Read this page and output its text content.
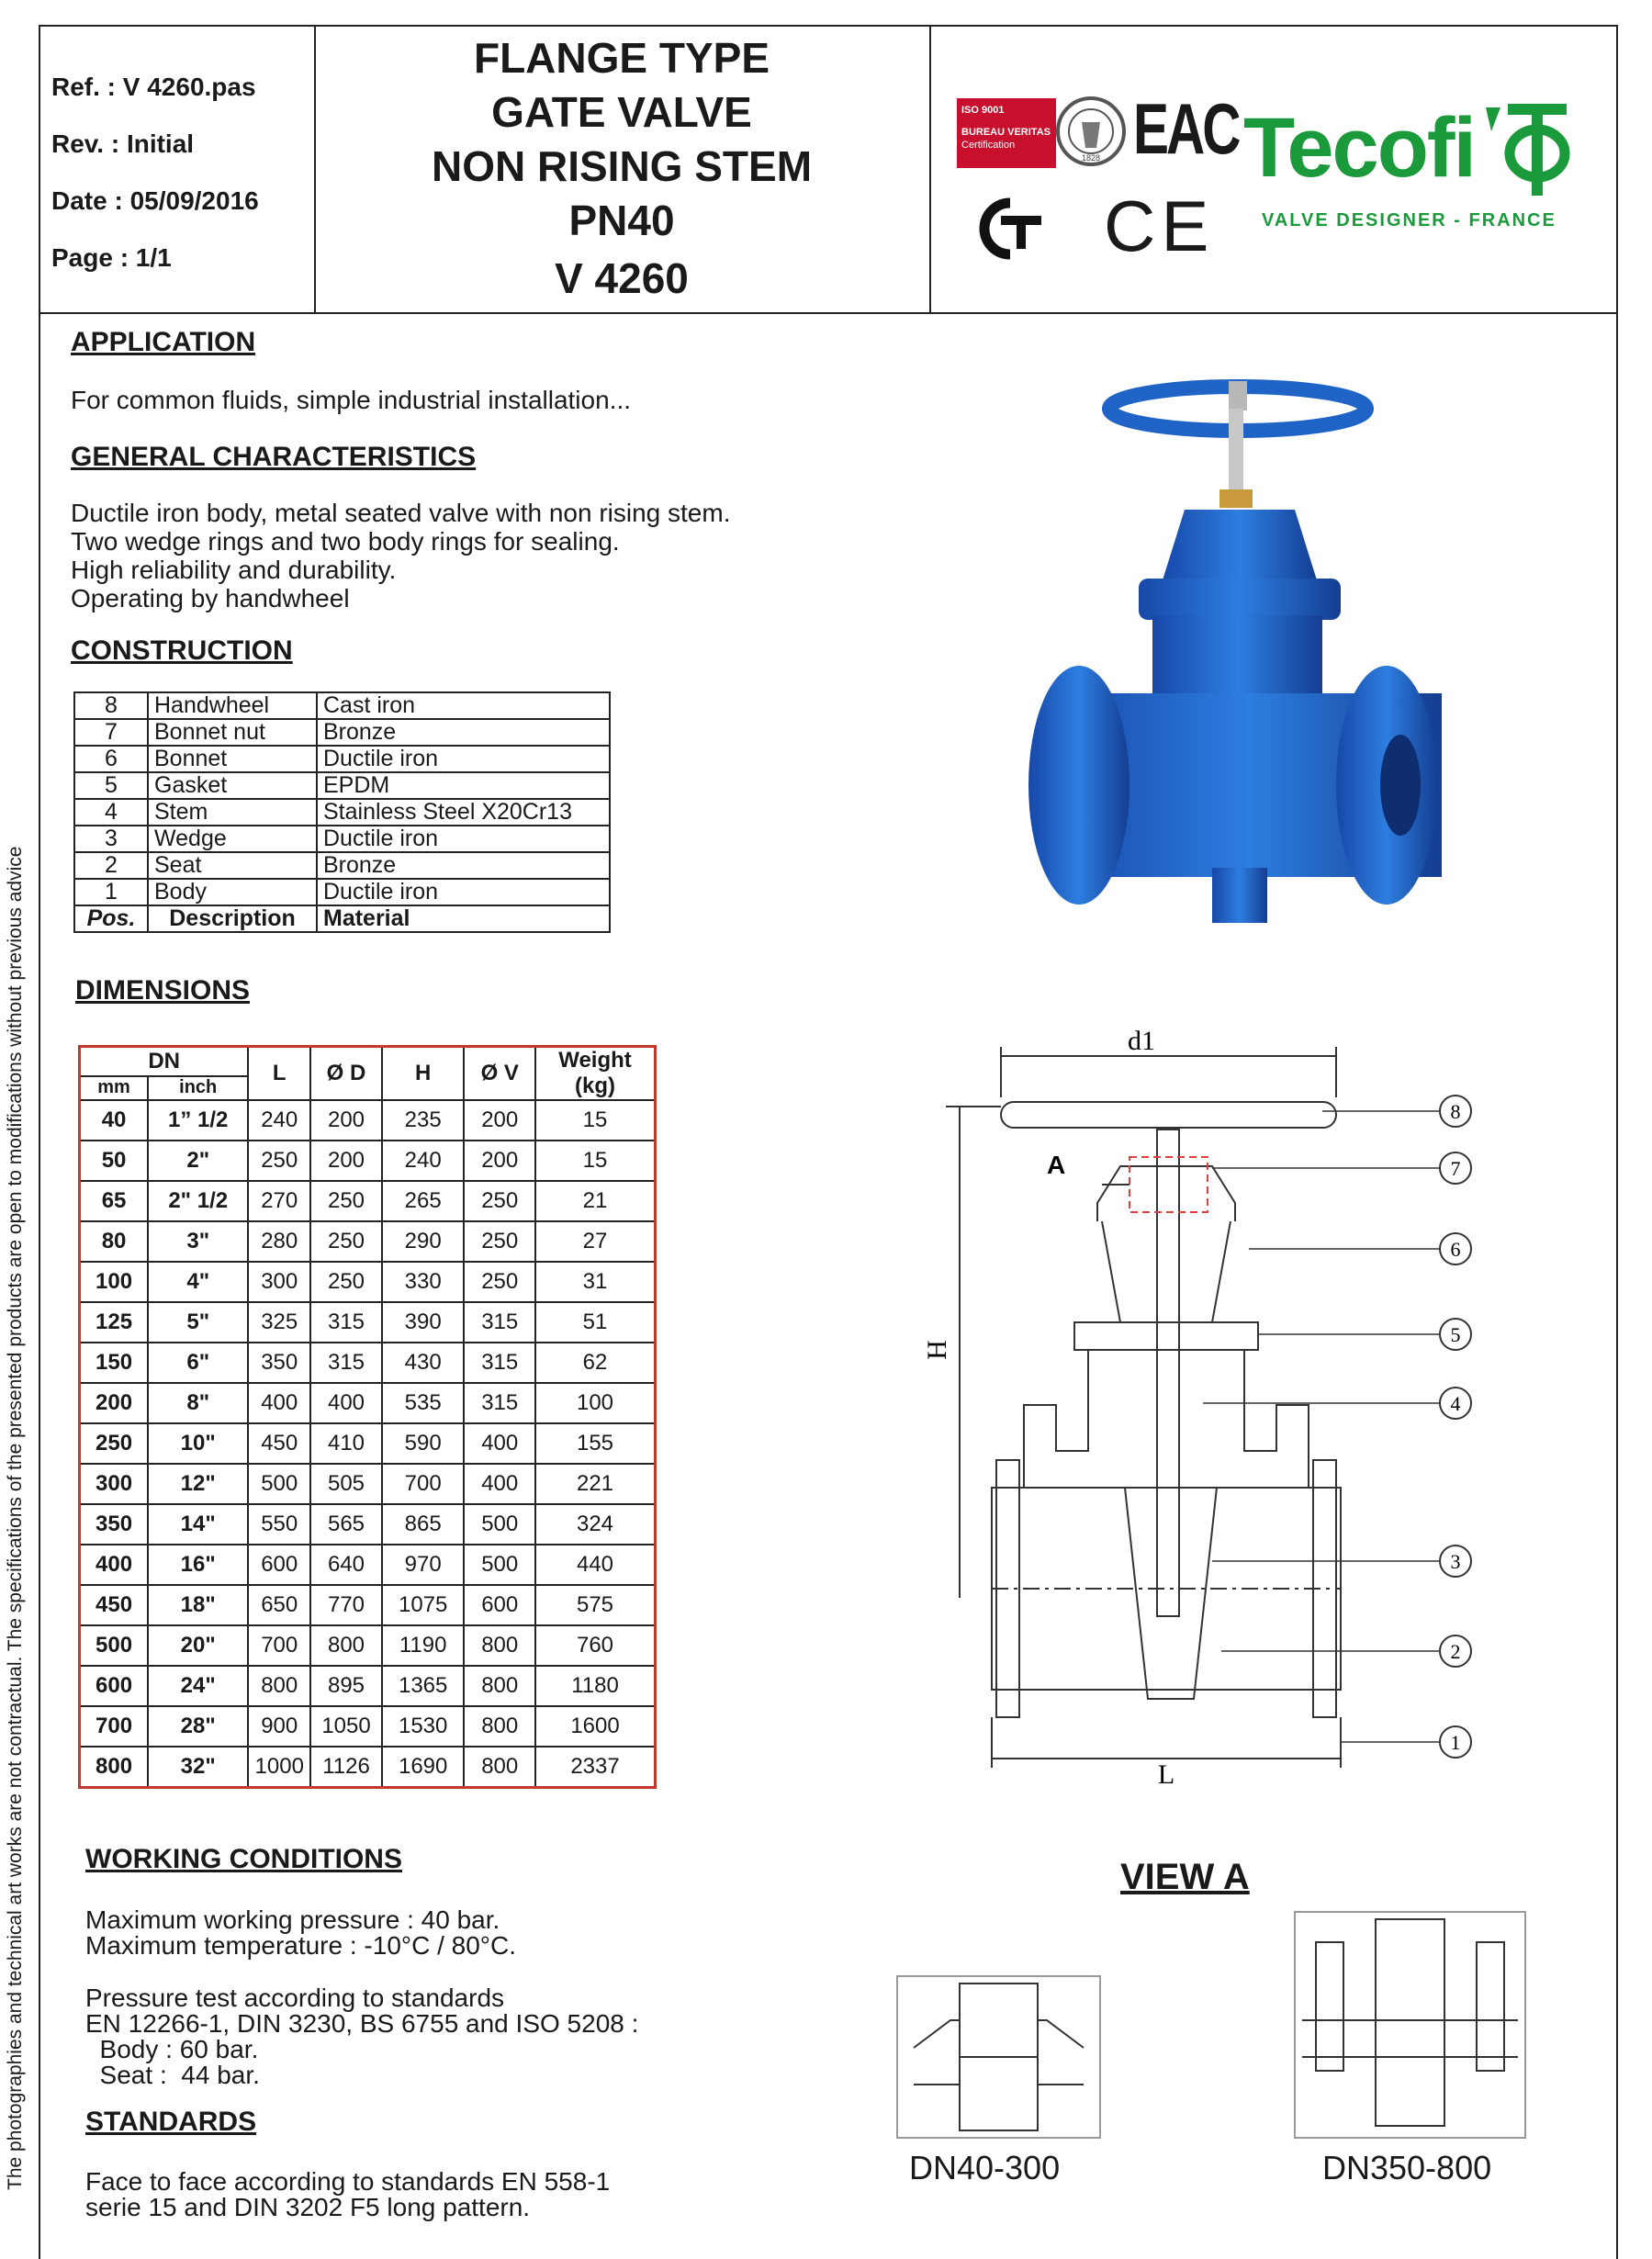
Ref. : V 4260.pas
Rev. : Initial
Date : 05/09/2016
Page : 1/1
FLANGE TYPE
GATE VALVE
NON RISING STEM
PN40
V 4260
ISO 9001
BUREAU VERITAS
Certification
1828 EAC Tecofi
VALVE DESIGNER - FRANCE
CE
The photographies and technical art works are not contractual. The specifications of the presented products are open to modifications without previous advice
APPLICATION
For common fluids, simple industrial installation...
GENERAL CHARACTERISTICS
Ductile iron body, metal seated valve with non rising stem.
Two wedge rings and two body rings for sealing.
High reliability and durability.
Operating by handwheel
CONSTRUCTION
8	Handwheel	Cast iron
7	Bonnet nut	Bronze
6	Bonnet	Ductile iron
5	Gasket	EPDM
4	Stem	Stainless Steel X20Cr13
3	Wedge	Ductile iron
2	Seat	Bronze
1	Body	Ductile iron
Pos.	Description	Material
DIMENSIONS
DN		L	Ø D	H	Ø V	Weight (kg)
mm	inch					
40	1” 1/2	240	200	235	200	15
50	2"	250	200	240	200	15
65	2" 1/2	270	250	265	250	21
80	3"	280	250	290	250	27
100	4"	300	250	330	250	31
125	5"	325	315	390	315	51
150	6"	350	315	430	315	62
200	8"	400	400	535	315	100
250	10"	450	410	590	400	155
300	12"	500	505	700	400	221
350	14"	550	565	865	500	324
400	16"	600	640	970	500	440
450	18"	650	770	1075	600	575
500	20"	700	800	1190	800	760
600	24"	800	895	1365	800	1180
700	28"	900	1050	1530	800	1600
800	32"	1000	1126	1690	800	2337
d1
H
L
A
8
7
6
5
4
3
2
1
WORKING CONDITIONS
Maximum working pressure : 40 bar.
Maximum temperature : -10°C / 80°C.
Pressure test according to standards
EN 12266-1, DIN 3230, BS 6755 and ISO 5208 :
Body : 60 bar.
Seat :  44 bar.
STANDARDS
Face to face according to standards EN 558-1
serie 15 and DIN 3202 F5 long pattern.
VIEW A
DN40-300	DN350-800
